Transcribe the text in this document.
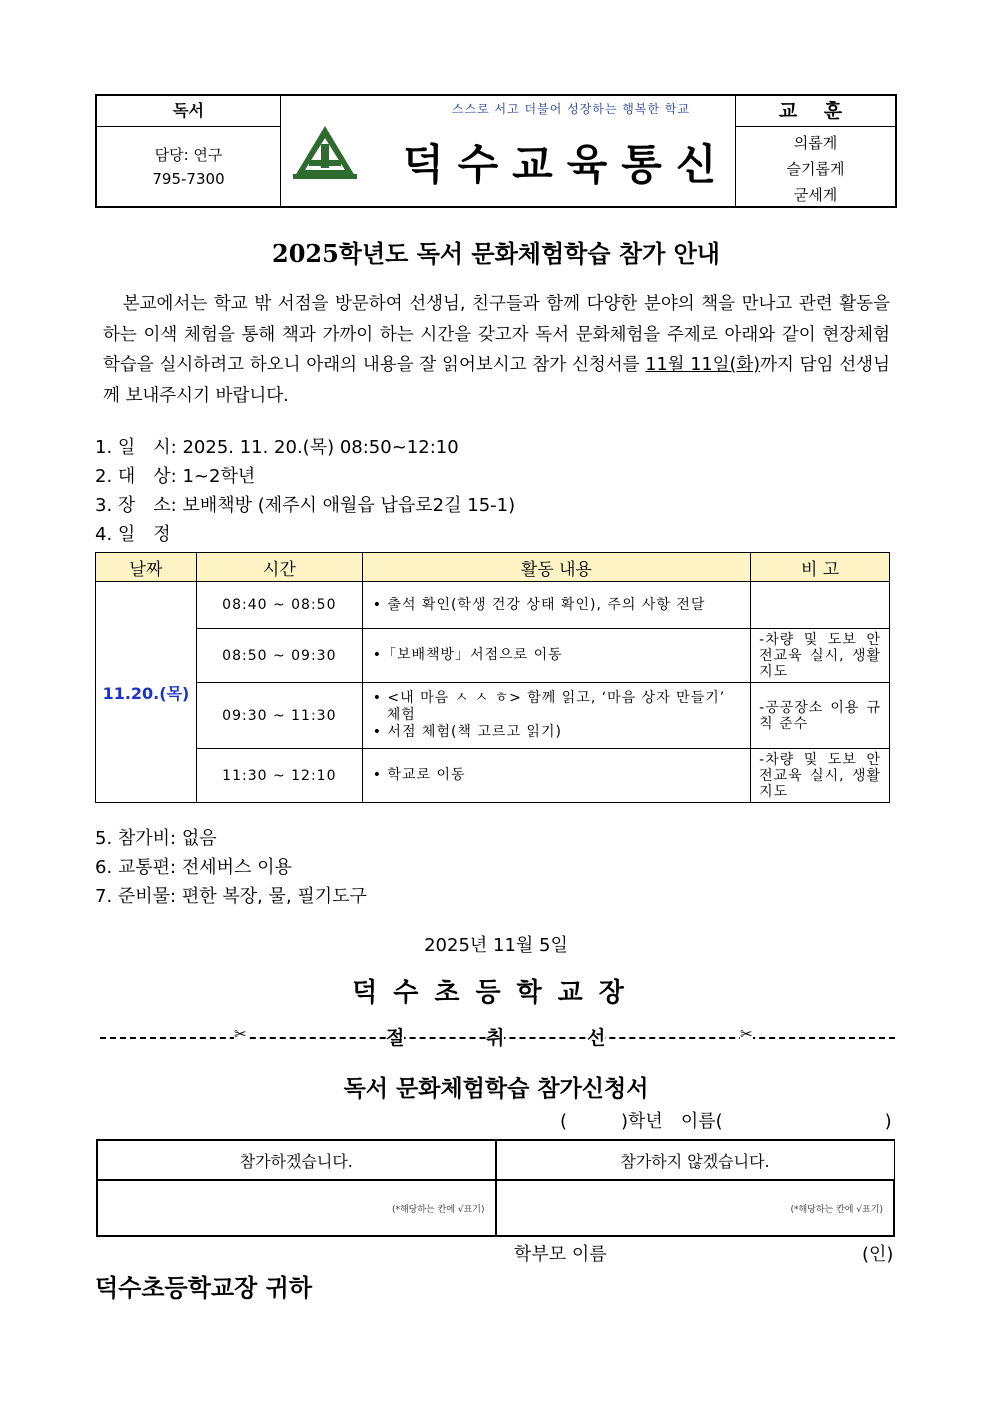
독서
담당: 연구
795-7300
스스로 서고 더불어 성장하는 행복한 학교
덕수교육통신
교 훈
의롭게
슬기롭게
굳세게
2025학년도 독서 문화체험학습 참가 안내

본교에서는 학교 밖 서점을 방문하여 선생님, 친구들과 함께 다양한 분야의 책을 만나고 관련 활동을 하는 이색 체험을 통해 책과 가까이 하는 시간을 갖고자 독서 문화체험을 주제로 아래와 같이 현장체험학습을 실시하려고 하오니 아래의 내용을 잘 읽어보시고 참가 신청서를 11월 11일(화)까지 담임 선생님께 보내주시기 바랍니다.

1. 일　시: 2025. 11. 20.(목) 08:50~12:10
2. 대　상: 1~2학년
3. 장　소: 보배책방 (제주시 애월읍 납읍로2길 15-1)
4. 일　정
날짜	시간	활동 내용	비 고
11.20.(목)	08:40 ~ 08:50	• 출석 확인(학생 건강 상태 확인), 주의 사항 전달	

	08:50 ~ 09:30	•「보배책방」서점으로 이동	-차량 및 도보 안전교육 실시, 생활지도
	09:30 ~ 11:30	• <내 마음 ㅅ ㅅ ㅎ> 함께 읽고, ‘마음 상자 만들기’ 체험
• 서점 체험(책 고르고 읽기)	-공공장소 이용 규칙 준수
	11:30 ~ 12:10	• 학교로 이동	-차량 및 도보 안전교육 실시, 생활지도
5. 참가비: 없음
6. 교통편: 전세버스 이용
7. 준비물: 편한 복장, 물, 필기도구
2025년 11월 5일
덕수초등학교장
✂	절	취	선	✂
독서 문화체험학습 참가신청서
(　　　)학년　이름(　　　　　　　　　)
참가하겠습니다.	참가하지 않겠습니다.
(*해당하는 칸에 √표기)	(*해당하는 칸에 √표기)
학부모 이름	(인)
덕수초등학교장 귀하
